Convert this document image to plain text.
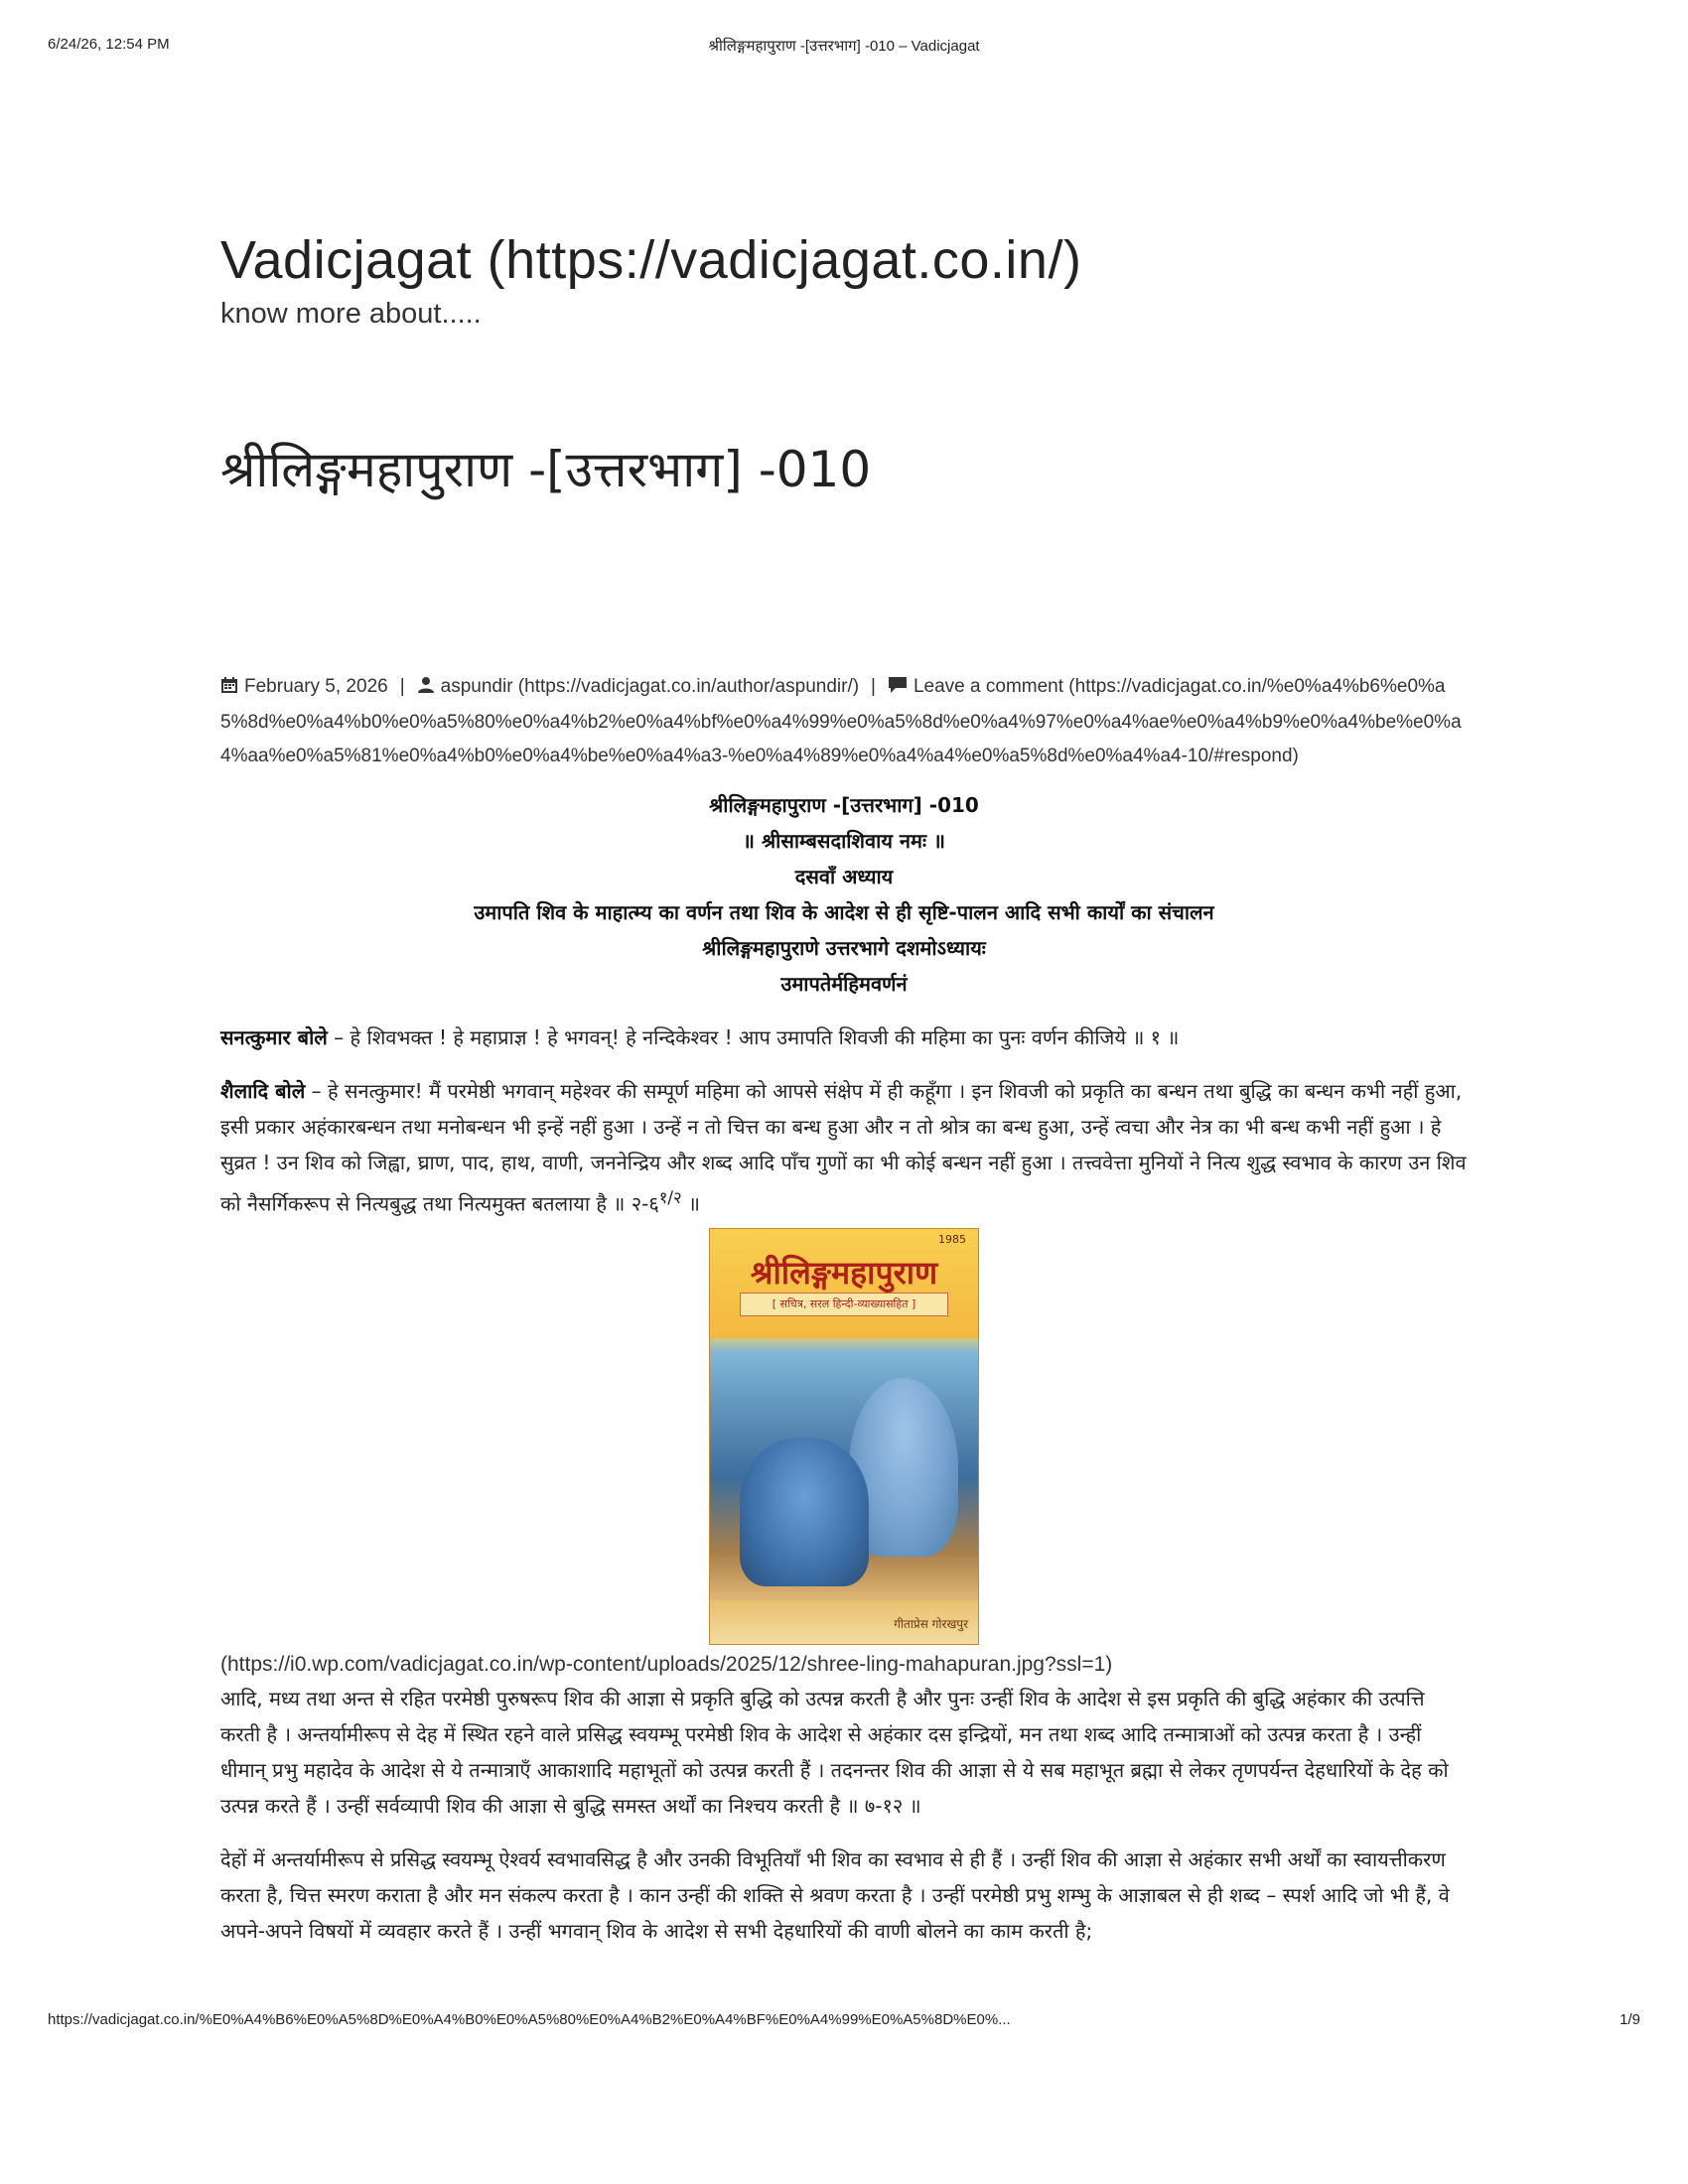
6/24/26, 12:54 PM	श्रीलिङ्गमहापुराण -[उत्तरभाग] -010 – Vadicjagat
Vadicjagat (https://vadicjagat.co.in/)
know more about.....
श्रीलिङ्गमहापुराण -[उत्तरभाग] -010
February 5, 2026 | aspundir (https://vadicjagat.co.in/author/aspundir/) | Leave a comment (https://vadicjagat.co.in/%e0%a4%b6%e0%a5%8d%e0%a4%b0%e0%a5%80%e0%a4%b2%e0%a4%bf%e0%a4%99%e0%a5%8d%e0%a4%97%e0%a4%ae%e0%a4%b9%e0%a4%be%e0%a4%aa%e0%a5%81%e0%a4%b0%e0%a4%be%e0%a4%a3-%e0%a4%89%e0%a4%a4%e0%a5%8d%e0%a4%a4-10/#respond)
श्रीलिङ्गमहापुराण -[उत्तरभाग] -010
॥ श्रीसाम्बसदाशिवाय नमः ॥
दसवाँ अध्याय
उमापति शिव के माहात्म्य का वर्णन तथा शिव के आदेश से ही सृष्टि-पालन आदि सभी कार्यों का संचालन
श्रीलिङ्गमहापुराणे उत्तरभागे दशमोऽध्यायः
उमापतेर्महिमवर्णनं

सनत्कुमार बोले – हे शिवभक्त ! हे महाप्राज्ञ ! हे भगवन्! हे नन्दिकेश्वर ! आप उमापति शिवजी की महिमा का पुनः वर्णन कीजिये ॥ १ ॥

शैलादि बोले – हे सनत्कुमार! मैं परमेष्ठी भगवान् महेश्वर की सम्पूर्ण महिमा को आपसे संक्षेप में ही कहूँगा । इन शिवजी को प्रकृति का बन्धन तथा बुद्धि का बन्धन कभी नहीं हुआ, इसी प्रकार अहंकारबन्धन तथा मनोबन्धन भी इन्हें नहीं हुआ । उन्हें न तो चित्त का बन्ध हुआ और न तो श्रोत्र का बन्ध हुआ, उन्हें त्वचा और नेत्र का भी बन्ध कभी नहीं हुआ । हे सुव्रत ! उन शिव को जिह्वा, घ्राण, पाद, हाथ, वाणी, जननेन्द्रिय और शब्द आदि पाँच गुणों का भी कोई बन्धन नहीं हुआ । तत्त्ववेत्ता मुनियों ने नित्य शुद्ध स्वभाव के कारण उन शिव को नैसर्गिकरूप से नित्यबुद्ध तथा नित्यमुक्त बतलाया है ॥ $२-६^{१/२}$ ॥

1985
श्रीलिङ्गमहापुराण
[ सचित्र, सरल हिन्दी-व्याख्यासहित ]
गीताप्रेस गोरखपुर
(https://i0.wp.com/vadicjagat.co.in/wp-content/uploads/2025/12/shree-ling-mahapuran.jpg?ssl=1)

आदि, मध्य तथा अन्त से रहित परमेष्ठी पुरुषरूप शिव की आज्ञा से प्रकृति बुद्धि को उत्पन्न करती है और पुनः उन्हीं शिव के आदेश से इस प्रकृति की बुद्धि अहंकार की उत्पत्ति करती है । अन्तर्यामीरूप से देह में स्थित रहने वाले प्रसिद्ध स्वयम्भू परमेष्ठी शिव के आदेश से अहंकार दस इन्द्रियों, मन तथा शब्द आदि तन्मात्राओं को उत्पन्न करता है । उन्हीं धीमान् प्रभु महादेव के आदेश से ये तन्मात्राएँ आकाशादि महाभूतों को उत्पन्न करती हैं । तदनन्तर शिव की आज्ञा से ये सब महाभूत ब्रह्मा से लेकर तृणपर्यन्त देहधारियों के देह को उत्पन्न करते हैं । उन्हीं सर्वव्यापी शिव की आज्ञा से बुद्धि समस्त अर्थों का निश्चय करती है ॥ ७-१२ ॥

देहों में अन्तर्यामीरूप से प्रसिद्ध स्वयम्भू ऐश्वर्य स्वभावसिद्ध है और उनकी विभूतियाँ भी शिव का स्वभाव से ही हैं । उन्हीं शिव की आज्ञा से अहंकार सभी अर्थों का स्वायत्तीकरण करता है, चित्त स्मरण कराता है और मन संकल्प करता है । कान उन्हीं की शक्ति से श्रवण करता है । उन्हीं परमेष्ठी प्रभु शम्भु के आज्ञाबल से ही शब्द – स्पर्श आदि जो भी हैं, वे अपने-अपने विषयों में व्यवहार करते हैं । उन्हीं भगवान् शिव के आदेश से सभी देहधारियों की वाणी बोलने का काम करती है;

https://vadicjagat.co.in/%E0%A4%B6%E0%A5%8D%E0%A4%B0%E0%A5%80%E0%A4%B2%E0%A4%BF%E0%A4%99%E0%A5%8D%E0%...	1/9
